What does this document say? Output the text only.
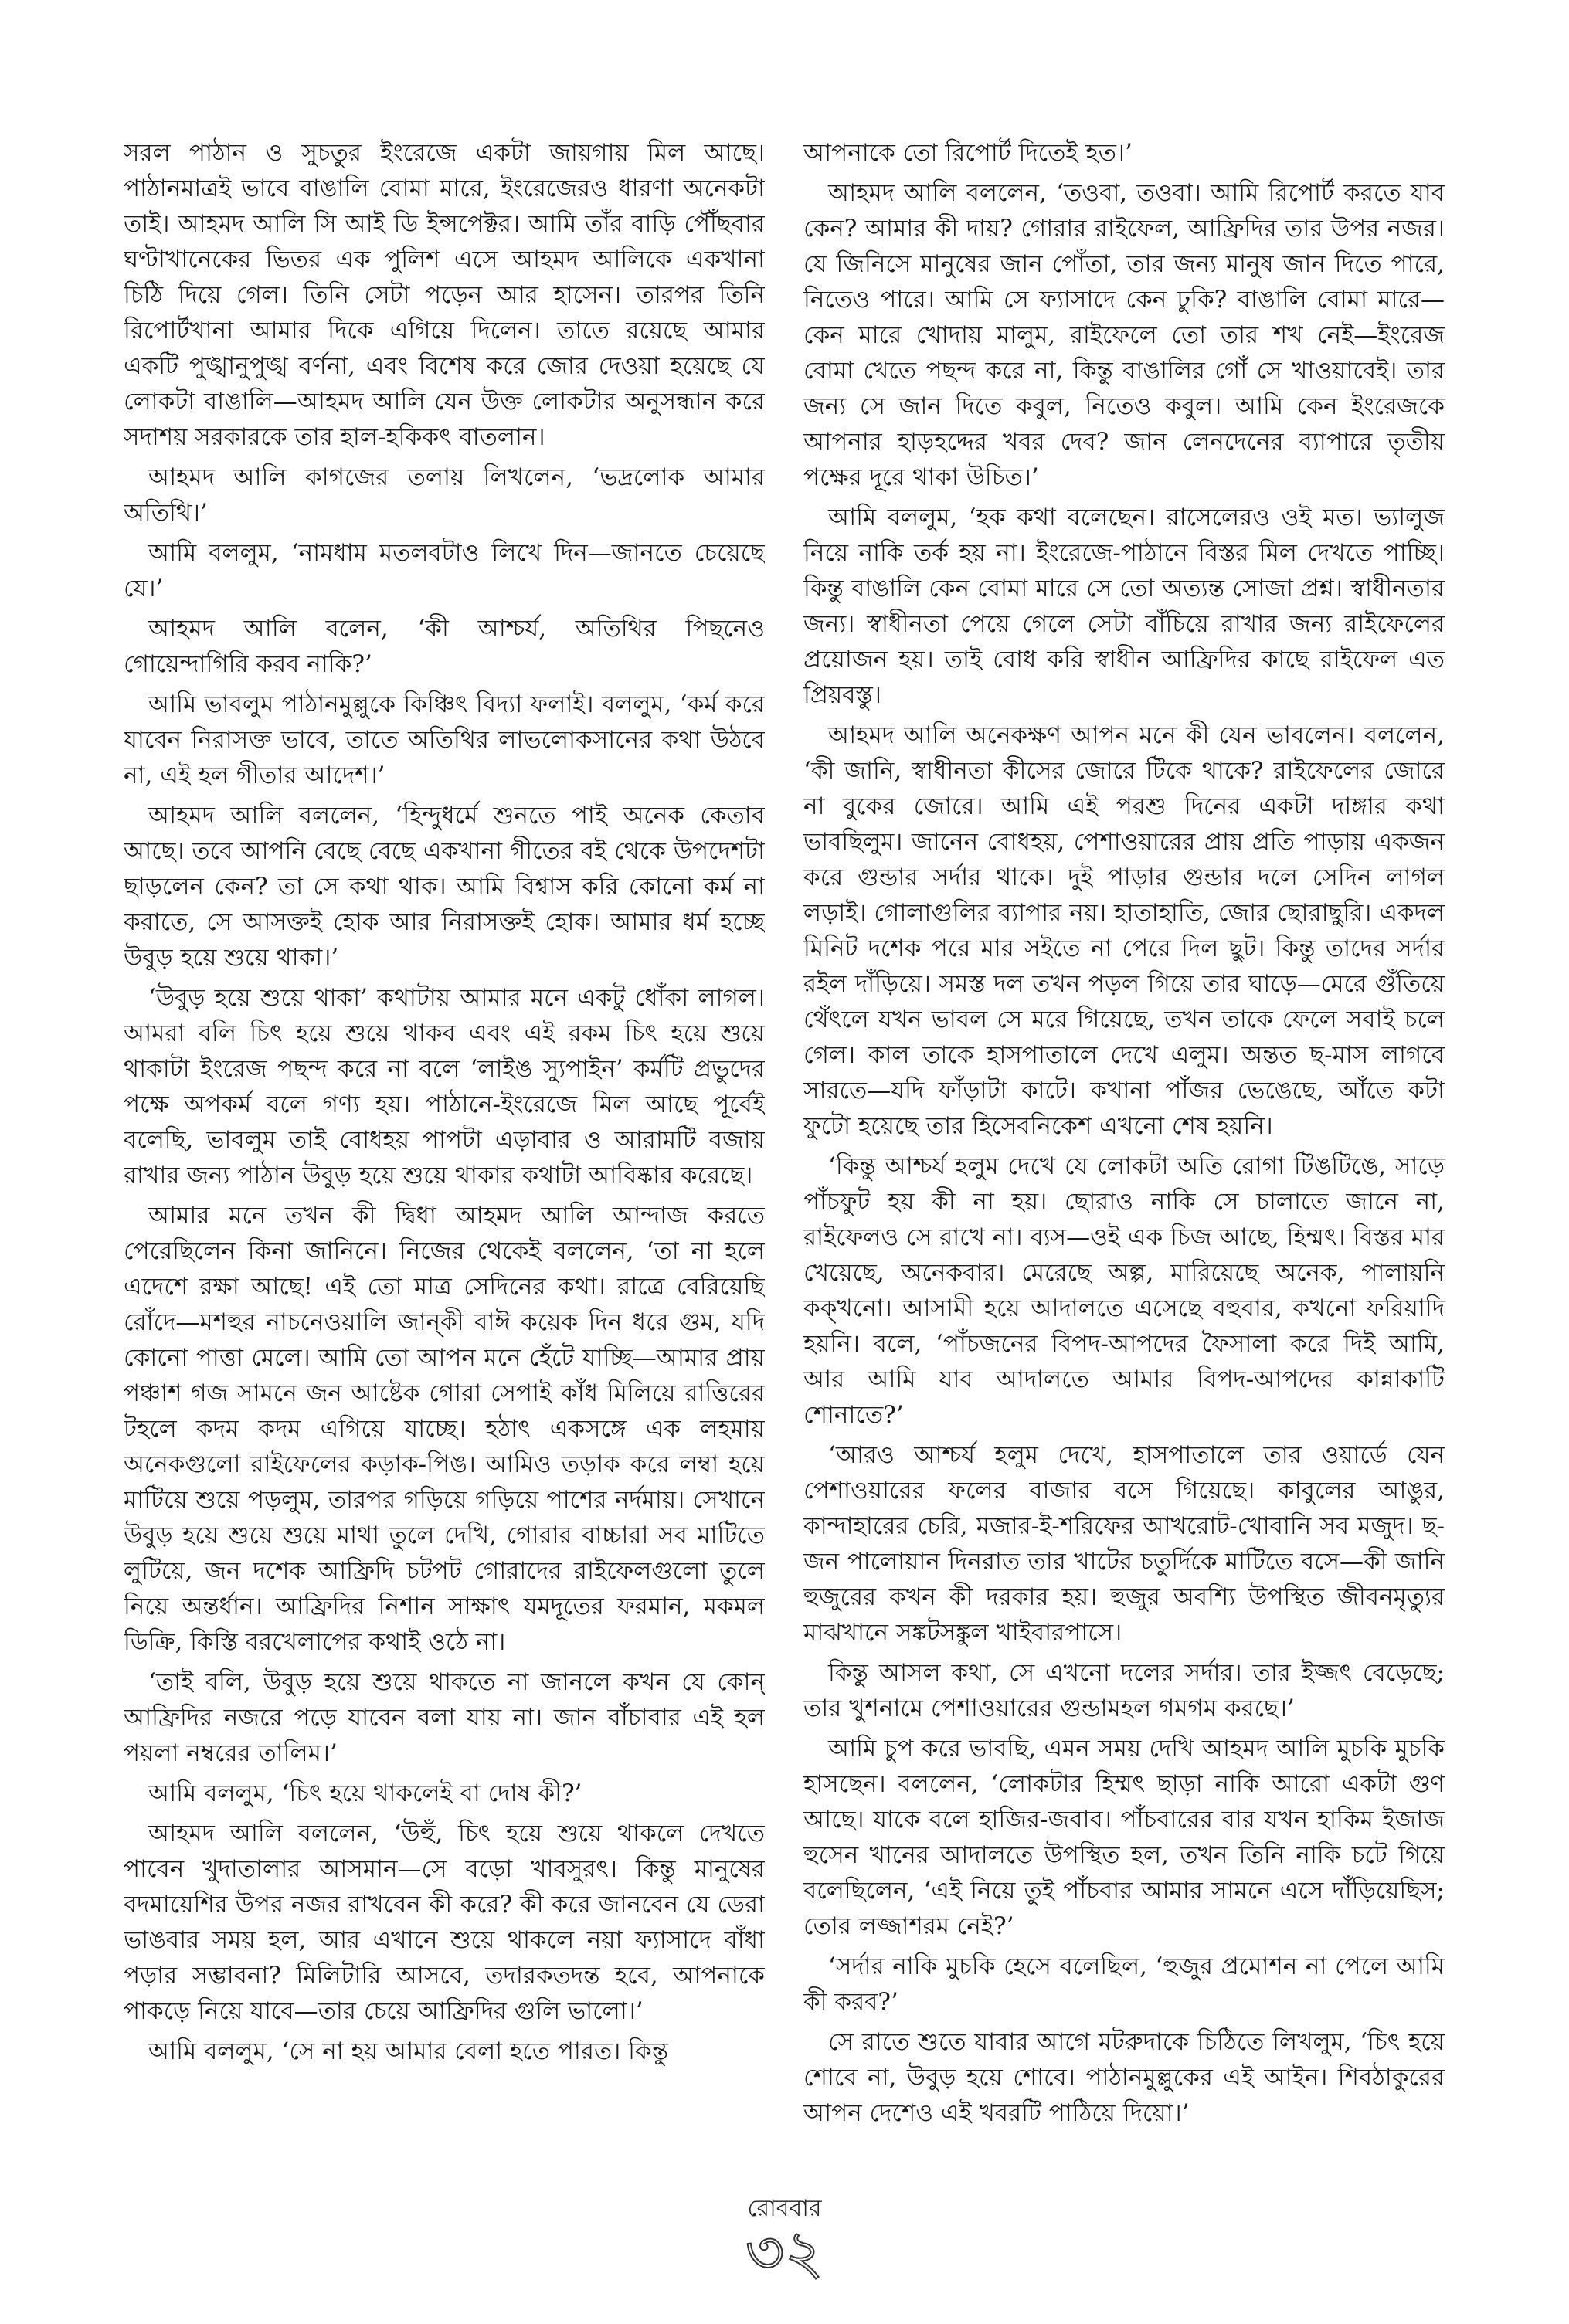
সরল পাঠান ও সুচতুর ইংরেজে একটা জায়গায় মিল আছে। পাঠানমাত্রই ভাবে বাঙালি বোমা মারে, ইংরেজেরও ধারণা অনেকটা তাই। আহমদ আলি সি আই ডি ইন্সপেক্টর। আমি তাঁর বাড়ি পৌঁছবার ঘণ্টাখানেকের ভিতর এক পুলিশ এসে আহমদ আলিকে একখানা চিঠি দিয়ে গেল। তিনি সেটা পড়েন আর হাসেন। তারপর তিনি রিপোর্টখানা আমার দিকে এগিয়ে দিলেন। তাতে রয়েছে আমার একটি পুঙ্খানুপুঙ্খ বর্ণনা, এবং বিশেষ করে জোর দেওয়া হয়েছে যে লোকটা বাঙালি—আহমদ আলি যেন উক্ত লোকটার অনুসন্ধান করে সদাশয় সরকারকে তার হাল-হকিকৎ বাতলান।

আহমদ আলি কাগজের তলায় লিখলেন, ‘ভদ্রলোক আমার অতিথি।’

আমি বললুম, ‘নামধাম মতলবটাও লিখে দিন—জানতে চেয়েছে যে।’

আহমদ আলি বলেন, ‘কী আশ্চর্য, অতিথির পিছনেও গোয়েন্দাগিরি করব নাকি?’

আমি ভাবলুম পাঠানমুল্লুকে কিঞ্চিৎ বিদ্যা ফলাই। বললুম, ‘কর্ম করে যাবেন নিরাসক্ত ভাবে, তাতে অতিথির লাভলোকসানের কথা উঠবে না, এই হল গীতার আদেশ।’

আহমদ আলি বললেন, ‘হিন্দুধর্মে শুনতে পাই অনেক কেতাব আছে। তবে আপনি বেছে বেছে একখানা গীতের বই থেকে উপদেশটা ছাড়লেন কেন? তা সে কথা থাক। আমি বিশ্বাস করি কোনো কর্ম না করাতে, সে আসক্তই হোক আর নিরাসক্তই হোক। আমার ধর্ম হচ্ছে উবুড় হয়ে শুয়ে থাকা।’

‘উবুড় হয়ে শুয়ে থাকা’ কথাটায় আমার মনে একটু ধোঁকা লাগল। আমরা বলি চিৎ হয়ে শুয়ে থাকব এবং এই রকম চিৎ হয়ে শুয়ে থাকাটা ইংরেজ পছন্দ করে না বলে ‘লাইঙ স্যুপাইন’ কর্মটি প্রভুদের পক্ষে অপকর্ম বলে গণ্য হয়। পাঠানে-ইংরেজে মিল আছে পূর্বেই বলেছি, ভাবলুম তাই বোধহয় পাপটা এড়াবার ও আরামটি বজায় রাখার জন্য পাঠান উবুড় হয়ে শুয়ে থাকার কথাটা আবিষ্কার করেছে।

আমার মনে তখন কী দ্বিধা আহমদ আলি আন্দাজ করতে পেরেছিলেন কিনা জানিনে। নিজের থেকেই বললেন, ‘তা না হলে এদেশে রক্ষা আছে! এই তো মাত্র সেদিনের কথা। রাত্রে বেরিয়েছি রোঁদে—মশহুর নাচনেওয়ালি জান্কী বাঈ কয়েক দিন ধরে গুম, যদি কোনো পাত্তা মেলে। আমি তো আপন মনে হেঁটে যাচ্ছি—আমার প্রায় পঞ্চাশ গজ সামনে জন আষ্টেক গোরা সেপাই কাঁধ মিলিয়ে রাত্তিরের টহলে কদম কদম এগিয়ে যাচ্ছে। হঠাৎ একসঙ্গে এক লহমায় অনেকগুলো রাইফেলের কড়াক-পিঙ। আমিও তড়াক করে লম্বা হয়ে মাটিয়ে শুয়ে পড়লুম, তারপর গড়িয়ে গড়িয়ে পাশের নর্দমায়। সেখানে উবুড় হয়ে শুয়ে শুয়ে মাথা তুলে দেখি, গোরার বাচ্চারা সব মাটিতে লুটিয়ে, জন দশেক আফ্রিদি চটপট গোরাদের রাইফেলগুলো তুলে নিয়ে অন্তর্ধান। আফ্রিদির নিশান সাক্ষাৎ যমদূতের ফরমান, মকমল ডিক্রি, কিস্তি বরখেলাপের কথাই ওঠে না।

‘তাই বলি, উবুড় হয়ে শুয়ে থাকতে না জানলে কখন যে কোন্ আফ্রিদির নজরে পড়ে যাবেন বলা যায় না। জান বাঁচাবার এই হল পয়লা নম্বরের তালিম।’

আমি বললুম, ‘চিৎ হয়ে থাকলেই বা দোষ কী?’

আহমদ আলি বললেন, ‘উহুঁ, চিৎ হয়ে শুয়ে থাকলে দেখতে পাবেন খুদাতালার আসমান—সে বড়ো খাবসুরৎ। কিন্তু মানুষের বদমায়েশির উপর নজর রাখবেন কী করে? কী করে জানবেন যে ডেরা ভাঙবার সময় হল, আর এখানে শুয়ে থাকলে নয়া ফ্যাসাদে বাঁধা পড়ার সম্ভাবনা? মিলিটারি আসবে, তদারকতদন্ত হবে, আপনাকে পাকড়ে নিয়ে যাবে—তার চেয়ে আফ্রিদির গুলি ভালো।’

আমি বললুম, ‘সে না হয় আমার বেলা হতে পারত। কিন্তু

আপনাকে তো রিপোর্ট দিতেই হত।’

আহমদ আলি বললেন, ‘তওবা, তওবা। আমি রিপোর্ট করতে যাব কেন? আমার কী দায়? গোরার রাইফেল, আফ্রিদির তার উপর নজর। যে জিনিসে মানুষের জান পোঁতা, তার জন্য মানুষ জান দিতে পারে, নিতেও পারে। আমি সে ফ্যাসাদে কেন ঢুকি? বাঙালি বোমা মারে—কেন মারে খোদায় মালুম, রাইফেলে তো তার শখ নেই—ইংরেজ বোমা খেতে পছন্দ করে না, কিন্তু বাঙালির গোঁ সে খাওয়াবেই। তার জন্য সে জান দিতে কবুল, নিতেও কবুল। আমি কেন ইংরেজকে আপনার হাড়হদ্দের খবর দেব? জান লেনদেনের ব্যাপারে তৃতীয় পক্ষের দূরে থাকা উচিত।’

আমি বললুম, ‘হক কথা বলেছেন। রাসেলেরও ওই মত। ভ্যালুজ নিয়ে নাকি তর্ক হয় না। ইংরেজে-পাঠানে বিস্তর মিল দেখতে পাচ্ছি। কিন্তু বাঙালি কেন বোমা মারে সে তো অত্যন্ত সোজা প্রশ্ন। স্বাধীনতার জন্য। স্বাধীনতা পেয়ে গেলে সেটা বাঁচিয়ে রাখার জন্য রাইফেলের প্রয়োজন হয়। তাই বোধ করি স্বাধীন আফ্রিদির কাছে রাইফেল এত প্রিয়বস্তু।

আহমদ আলি অনেকক্ষণ আপন মনে কী যেন ভাবলেন। বললেন, ‘কী জানি, স্বাধীনতা কীসের জোরে টিকে থাকে? রাইফেলের জোরে না বুকের জোরে। আমি এই পরশু দিনের একটা দাঙ্গার কথা ভাবছিলুম। জানেন বোধহয়, পেশাওয়ারের প্রায় প্রতি পাড়ায় একজন করে গুন্ডার সর্দার থাকে। দুই পাড়ার গুন্ডার দলে সেদিন লাগল লড়াই। গোলাগুলির ব্যাপার নয়। হাতাহাতি, জোর ছোরাছুরি। একদল মিনিট দশেক পরে মার সইতে না পেরে দিল ছুট। কিন্তু তাদের সর্দার রইল দাঁড়িয়ে। সমস্ত দল তখন পড়ল গিয়ে তার ঘাড়ে—মেরে গুঁতিয়ে থেঁৎলে যখন ভাবল সে মরে গিয়েছে, তখন তাকে ফেলে সবাই চলে গেল। কাল তাকে হাসপাতালে দেখে এলুম। অন্তত ছ-মাস লাগবে সারতে—যদি ফাঁড়াটা কাটে। কখানা পাঁজর ভেঙেছে, আঁতে কটা ফুটো হয়েছে তার হিসেবনিকেশ এখনো শেষ হয়নি।

‘কিন্তু আশ্চর্য হলুম দেখে যে লোকটা অতি রোগা টিঙটিঙে, সাড়ে পাঁচফুট হয় কী না হয়। ছোরাও নাকি সে চালাতে জানে না, রাইফেলও সে রাখে না। ব্যস—ওই এক চিজ আছে, হিম্মৎ। বিস্তর মার খেয়েছে, অনেকবার। মেরেছে অল্প, মারিয়েছে অনেক, পালায়নি কক্খনো। আসামী হয়ে আদালতে এসেছে বহুবার, কখনো ফরিয়াদি হয়নি। বলে, ‘পাঁচজনের বিপদ-আপদের ফৈসালা করে দিই আমি, আর আমি যাব আদালতে আমার বিপদ-আপদের কান্নাকাটি শোনাতে?’

‘আরও আশ্চর্য হলুম দেখে, হাসপাতালে তার ওয়ার্ডে যেন পেশাওয়ারের ফলের বাজার বসে গিয়েছে। কাবুলের আঙুর, কান্দাহারের চেরি, মজার-ই-শরিফের আখরোট-খোবানি সব মজুদ। ছ-জন পালোয়ান দিনরাত তার খাটের চতুর্দিকে মাটিতে বসে—কী জানি হুজুরের কখন কী দরকার হয়। হুজুর অবশ্যি উপস্থিত জীবনমৃত্যুর মাঝখানে সঙ্কটসঙ্কুল খাইবারপাসে।

কিন্তু আসল কথা, সে এখনো দলের সর্দার। তার ইজ্জৎ বেড়েছে; তার খুশনামে পেশাওয়ারের গুন্ডামহল গমগম করছে।’

আমি চুপ করে ভাবছি, এমন সময় দেখি আহমদ আলি মুচকি মুচকি হাসছেন। বললেন, ‘লোকটার হিম্মৎ ছাড়া নাকি আরো একটা গুণ আছে। যাকে বলে হাজির-জবাব। পাঁচবারের বার যখন হাকিম ইজাজ হুসেন খানের আদালতে উপস্থিত হল, তখন তিনি নাকি চটে গিয়ে বলেছিলেন, ‘এই নিয়ে তুই পাঁচবার আমার সামনে এসে দাঁড়িয়েছিস; তোর লজ্জাশরম নেই?’

‘সর্দার নাকি মুচকি হেসে বলেছিল, ‘হুজুর প্রমোশন না পেলে আমি কী করব?’

সে রাতে শুতে যাবার আগে মটরুদাকে চিঠিতে লিখলুম, ‘চিৎ হয়ে শোবে না, উবুড় হয়ে শোবে। পাঠানমুল্লুকের এই আইন। শিবঠাকুরের আপন দেশেও এই খবরটি পাঠিয়ে দিয়ো।’

রোববার
৩২
